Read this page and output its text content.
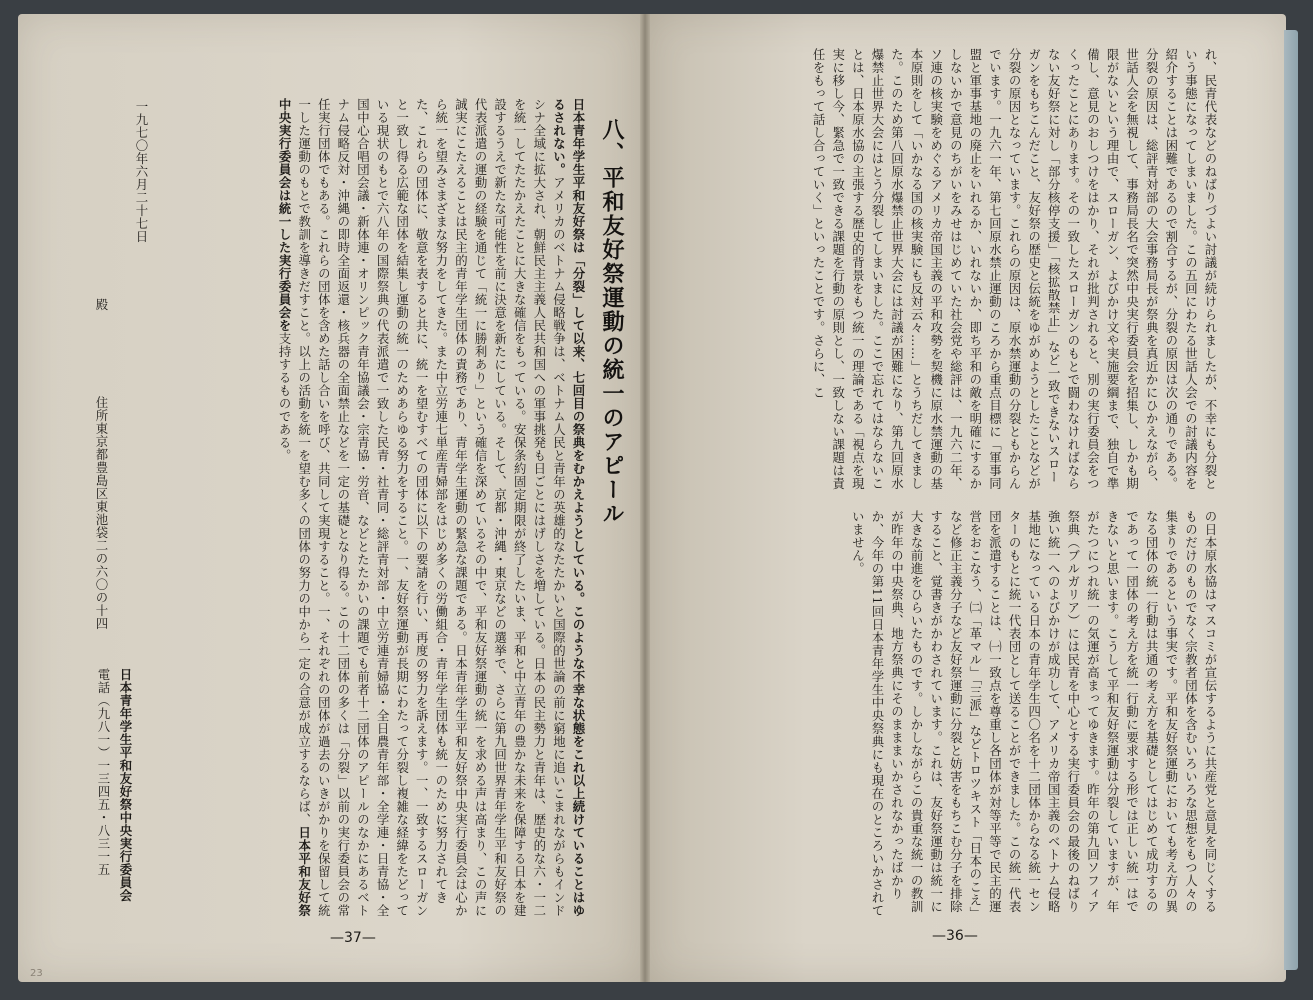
れ、民青代表などのねばりづよい討議が続けられましたが、不幸にも分裂という事態になってしまいました。この五回にわたる世話人会での討議内容を紹介することは困難であるので割合するが、分裂の原因は次の通りである。分裂の原因は、総評青対部の大会事務局長が祭典を真近かにひかえながら、世話人会を無視して、事務局長名で突然中央実行委員会を招集し、しかも期限がないという理由で、スローガン、よびかけ文や実施要綱まで、独自で準備し、意見のおしつけをはかり、それが批判されると、別の実行委員会をつくったことにあります。その一致したスローガンのもとで闘わなければならない友好祭に対し「部分核停支援」「核拡散禁止」など一致できないスローガンをもちこんだこと、友好祭の歴史と伝統をゆがめようとしたことなどが分裂の原因となっています。これらの原因は、原水禁運動の分裂ともからんでいます。一九六一年、第七回原水禁止運動のころから重点目標に「軍事同盟と軍事基地の廃止をいれるか、いれないか、即ち平和の敵を明確にするかしないかで意見のちがいをみせはじめていた社会党や総評は、一九六二年、ソ連の核実験をめぐるアメリカ帝国主義の平和攻勢を契機に原水禁運動の基本原則をして「いかなる国の核実験にも反対云々……」とうちだしてきました。このため第八回原水爆禁止世界大会には討議が困難になり、第九回原水爆禁止世界大会にはとう分裂してしまいました。ここで忘れてはならないことは、日本原水協の主張する歴史的背景をもつ統一の理論である「視点を現実に移し今、緊急で一致できる課題を行動の原則とし、一致しない課題は責任をもって話し合っていく」といったことです。さらに、こ

の日本原水協はマスコミが宣伝するように共産党と意見を同じくするものだけのものでなく宗教者団体を含むいろいろな思想をもつ人々の集まりであるという事実です。平和友好祭運動においても考え方の異なる団体の統一行動は共通の考え方を基礎としてはじめて成功するのであって一団体の考え方を統一行動に要求する形では正しい統一はできないと思います。こうして平和友好祭運動は分裂していますが、年がたつにつれ統一の気運が高まってゆきます。昨年の第九回ソフィア祭典（ブルガリア）には民青を中心とする実行委員会の最後のねばり強い統一へのよびかけが成功して、アメリカ帝国主義のベトナム侵略基地になっている日本の青年学生四〇名を十二団体からなる統一センターのもとに統一代表団として送ることができました。この統一代表団を派遣することは、㈠一致点を尊重し各団体が対等平等で民主的運営をおこなう、㈡「革マル」「三派」などトロツキスト「日本のこえ」など修正主義分子など友好祭運動に分裂と妨害をもちこむ分子を排除すること、覚書きがかわされています。これは、友好祭運動は統一に大きな前進をひらいたものです。しかしながらこの貴重な統一の教訓が昨年の中央祭典、地方祭典にそのまままいかされなかったばかりか、今年の第11回日本青年学生中央祭典にも現在のところいかされていません。

—36—
八、平和友好祭運動の統一のアピール

日本青年学生平和友好祭は「分裂」して以来、七回目の祭典をむかえようとしている。このような不幸な状態をこれ以上続けていることはゆるされない。アメリカのベトナム侵略戦争は、ベトナム人民と青年の英雄的なたたかいと国際的世論の前に窮地に追いこまれながらもインドシナ全域に拡大され、朝鮮民主主義人民共和国への軍事挑発も日ごとにはげしさを増している。日本の民主勢力と青年は、歴史的な六・一二を統一してたたかえたことに大きな確信をもっている。安保条約固定期限が終了したいま、平和と中立青年の豊かな未来を保障する日本を建設するうえで新たな可能性を前に決意を新たにしている。そして、京都・沖縄・東京などの選挙で、さらに第九回世界青年学生平和友好祭の代表派遣の運動の経験を通じて「統一に勝利あり」という確信を深めているその中で、平和友好祭運動の統一を求める声は高まり、この声に誠実にこたえることは民主的青年学生団体の責務であり、青年学生運動の緊急な課題である。日本青年学生平和友好祭中央実行委員会は心から統一を望みさまざまな努力をしてきた。また中立労連七単産青婦部をはじめ多くの労働組合・青年学生団体も統一のために努力されてきた、これらの団体に、敬意を表すると共に、統一を望むすべての団体に以下の要請を行い、再度の努力を訴えます。一、一致するスローガンと一致し得る広範な団体を結集し運動の統一のためあらゆる努力をすること。一、友好祭運動が長期にわたって分裂し複雑な経緯をたどっている現状のもとで六八年の国際祭典の代表派遣で一致した民青・社青同・総評青対部・中立労連青婦協・全日農青年部・全学連・日青協・全国中心合唱団会議・新体連・オリンピック青年協議会・宗青協・労音、などとたたかいの課題でも前者十二団体のアピールのなかにあるベトナム侵略反対・沖縄の即時全面返還・核兵器の全面禁止などを一定の基礎となり得る。この十二団体の多くは「分裂」以前の実行委員会の常任実行団体でもある。これらの団体を含めた話し合いを呼び、共同して実現すること。一、それぞれの団体が過去のいきがかりを保留して統一した運動のもとで教訓を導きだすこと。以上の活動を統一を望む多くの団体の努力の中から一定の合意が成立するならば、日本平和友好祭中央実行委員会は統一した実行委員会を支持するものである。

一九七〇年六月二十七日
殿
住所東京都豊島区東池袋二の六〇の十四
日本青年学生平和友好祭中央実行委員会
電話（九八一）一三四五・八三一五
—37—
23
